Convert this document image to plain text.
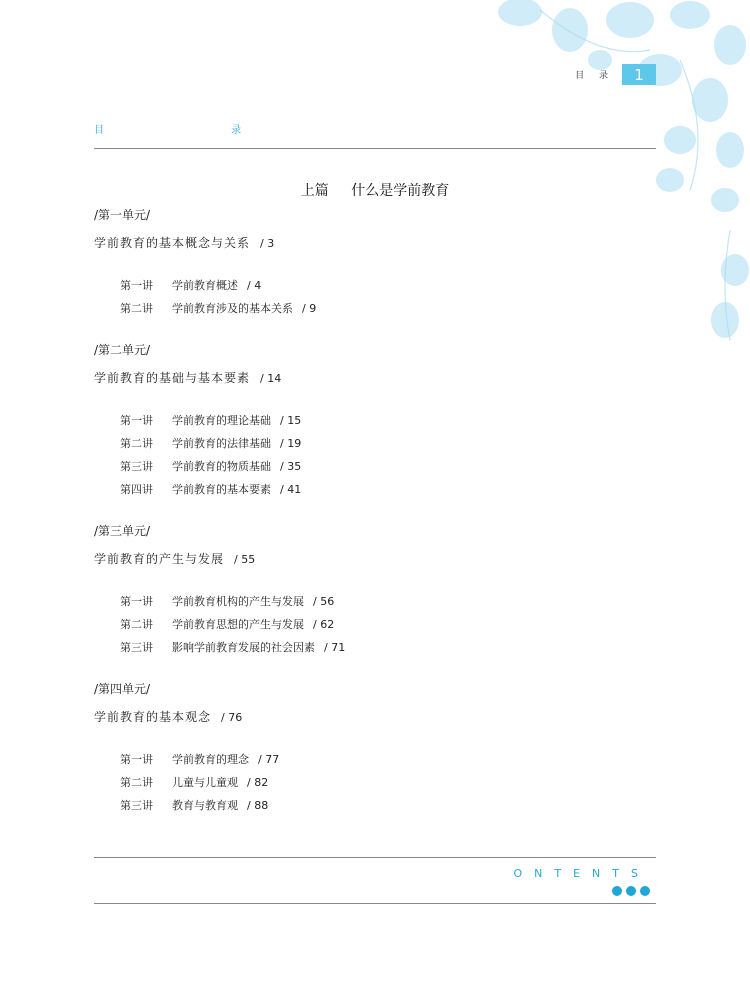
目 录	1
目 录
上篇 什么是学前教育
/第一单元/
学前教育的基本概念与关系 / 3
第一讲 学前教育概述 / 4
第二讲 学前教育涉及的基本关系 / 9
/第二单元/
学前教育的基础与基本要素 / 14
第一讲 学前教育的理论基础 / 15
第二讲 学前教育的法律基础 / 19
第三讲 学前教育的物质基础 / 35
第四讲 学前教育的基本要素 / 41
/第三单元/
学前教育的产生与发展 / 55
第一讲 学前教育机构的产生与发展 / 56
第二讲 学前教育思想的产生与发展 / 62
第三讲 影响学前教育发展的社会因素 / 71
/第四单元/
学前教育的基本观念 / 76
第一讲 学前教育的理念 / 77
第二讲 儿童与儿童观 / 82
第三讲 教育与教育观 / 88
ONTENTS
